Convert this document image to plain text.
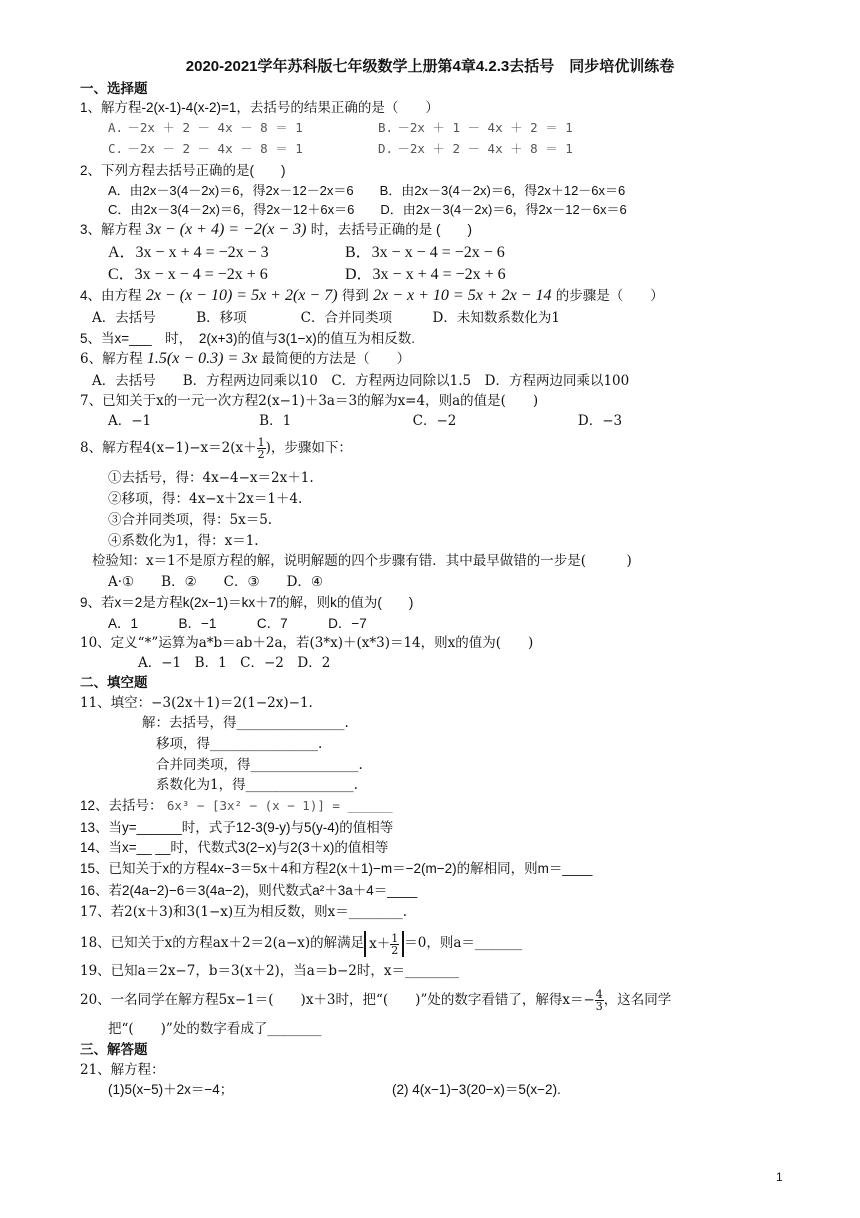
2020-2021学年苏科版七年级数学上册第4章4.2.3去括号　同步培优训练卷
一、选择题
1、解方程-2(x-1)-4(x-2)=1，去括号的结果正确的是（　　）
A. －2x ＋ 2 － 4x － 8 ＝ 1	B. －2x ＋ 1 － 4x ＋ 2 ＝ 1
C. －2x － 2 － 4x － 8 ＝ 1	D. －2x ＋ 2 － 4x ＋ 8 ＝ 1
2、下列方程去括号正确的是(　　)
A．由2x－3(4－2x)＝6，得2x－12－2x＝6　　B．由2x－3(4－2x)＝6，得2x＋12－6x＝6
C．由2x－3(4－2x)＝6，得2x－12＋6x＝6　　D．由2x－3(4－2x)＝6，得2x－12－6x＝6
3、解方程 3x − (x + 4) = −2(x − 3) 时，去括号正确的是 (　　)
A．3x − x + 4 = −2x − 3	B．3x − x − 4 = −2x − 6
C．3x − x − 4 = −2x + 6	D．3x − x + 4 = −2x + 6
4、由方程 2x − (x − 10) = 5x + 2(x − 7) 得到 2x − x + 10 = 5x + 2x − 14 的步骤是（　　）
A．去括号　　　B．移项　　　　C．合并同类项　　　D．未知数系数化为1
5、当x=___　时，　2(x+3)的值与3(1−x)的值互为相反数.
6、解方程 1.5(x − 0.3) = 3x 最简便的方法是（　　）
A．去括号　　B．方程两边同乘以10　C．方程两边同除以1.5　D．方程两边同乘以100
7、已知关于x的一元一次方程2(x−1)＋3a＝3的解为x=4，则a的值是(　　)
A．−1　　　　　　　　B．1　　　　　　　　　C．−2　　　　　　　　　D．−3
8、解方程$4(x-1)-x=2(x+ \frac{1}{2}$ )，步骤如下：
①去括号，得：4x−4−x＝2x＋1.
②移项，得：4x−x＋2x＝1＋4.
③合并同类项，得：5x＝5.
④系数化为1，得：x＝1.
检验知：x＝1不是原方程的解，说明解题的四个步骤有错．其中最早做错的一步是(　　　)
A·①　　B．②　　C．③　　D．④
9、若x＝2是方程k(2x−1)＝kx＋7的解，则k的值为(　　)
A．1　　　B．−1　　　C．7　　　D．−7
10、定义“*”运算为a*b＝ab＋2a，若(3*x)＋(x*3)＝14，则x的值为(　　)
A．−1　B．1　C．−2　D．2
二、填空题
11、填空：−3(2x＋1)＝2(1−2x)−1.
解：去括号，得________________.
移项，得________________.
合并同类项，得________________.
系数化为1，得________________.
12、去括号： 6x³ − [3x² − (x − 1)] = ______
13、当y=______时，式子12-3(9-y)与5(y-4)的值相等
14、当x=__ __时，代数式3(2−x)与2(3＋x)的值相等
15、已知关于x的方程4x−3＝5x＋4和方程2(x＋1)−m＝−2(m−2)的解相同，则m＝____
16、若2(4a−2)−6＝3(4a−2)，则代数式a²＋3a＋4＝____
17、若2(x＋3)和3(1−x)互为相反数，则x＝________.
18、已知关于x的方程ax＋2＝2(a−x)的解满足 $x+ \frac{1}{2} =0$，则a＝_______
19、已知a＝2x−7，b＝3(x＋2)，当a＝b−2时，x＝________
20、一名同学在解方程5x−1＝(　　)x＋3时，把“(　　)”处的数字看错了，解得$x=- \frac{4}{3}$ ，这名同学
把“(　　)”处的数字看成了________
三、解答题
21、解方程：
(1)5(x−5)＋2x＝−4；	(2) 4(x−1)−3(20−x)＝5(x−2).
1
